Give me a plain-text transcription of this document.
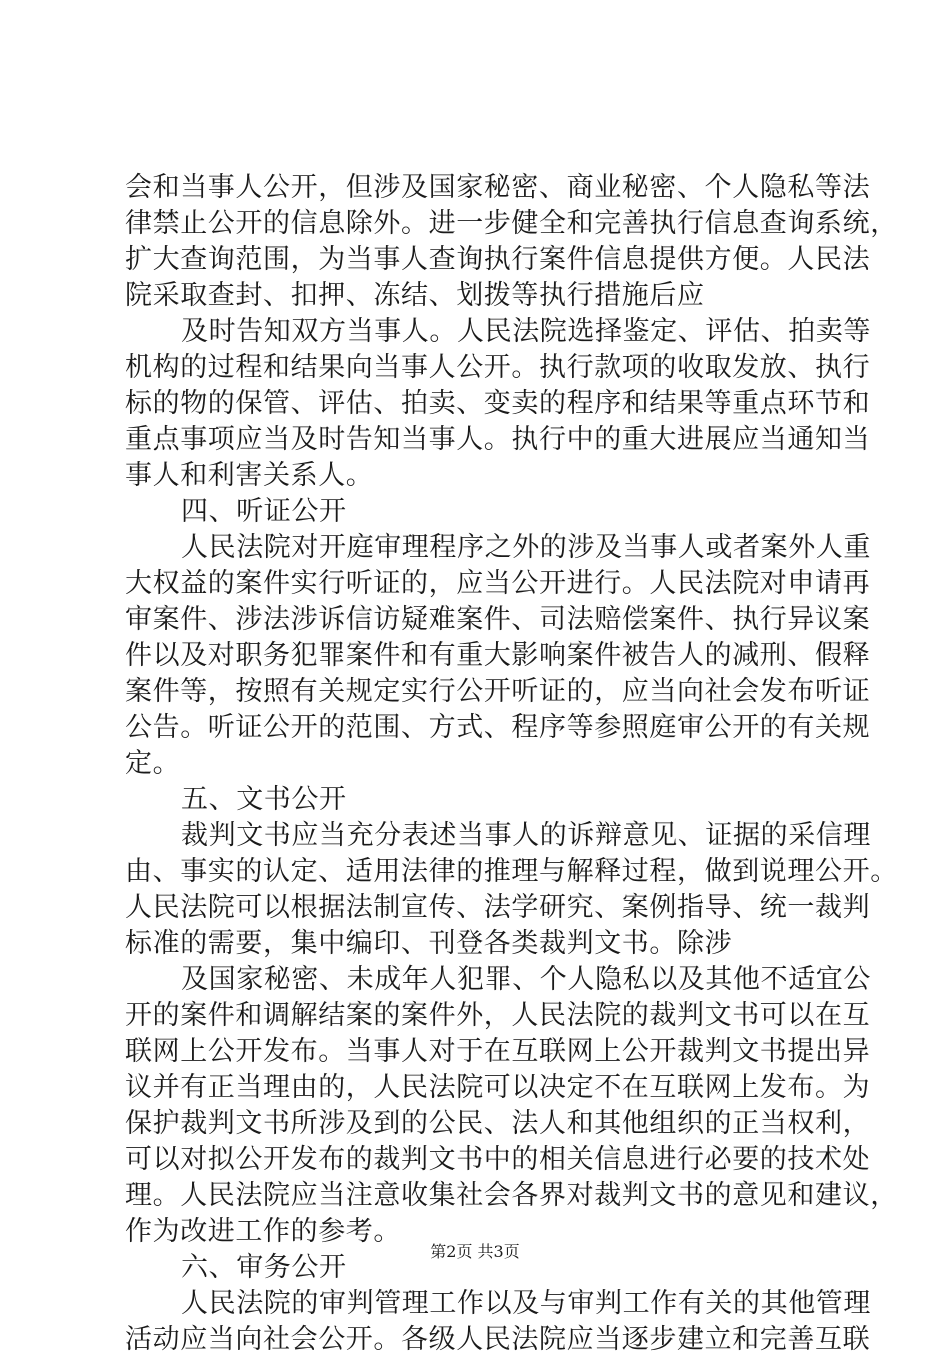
会和当事人公开，但涉及国家秘密、商业秘密、个人隐私等法
律禁止公开的信息除外。进一步健全和完善执行信息查询系统，
扩大查询范围，为当事人查询执行案件信息提供方便。人民法
院采取查封、扣押、冻结、划拨等执行措施后应
及时告知双方当事人。人民法院选择鉴定、评估、拍卖等
机构的过程和结果向当事人公开。执行款项的收取发放、执行
标的物的保管、评估、拍卖、变卖的程序和结果等重点环节和
重点事项应当及时告知当事人。执行中的重大进展应当通知当
事人和利害关系人。
四、听证公开
人民法院对开庭审理程序之外的涉及当事人或者案外人重
大权益的案件实行听证的，应当公开进行。人民法院对申请再
审案件、涉法涉诉信访疑难案件、司法赔偿案件、执行异议案
件以及对职务犯罪案件和有重大影响案件被告人的减刑、假释
案件等，按照有关规定实行公开听证的，应当向社会发布听证
公告。听证公开的范围、方式、程序等参照庭审公开的有关规
定。
五、文书公开
裁判文书应当充分表述当事人的诉辩意见、证据的采信理
由、事实的认定、适用法律的推理与解释过程，做到说理公开。
人民法院可以根据法制宣传、法学研究、案例指导、统一裁判
标准的需要，集中编印、刊登各类裁判文书。除涉
及国家秘密、未成年人犯罪、个人隐私以及其他不适宜公
开的案件和调解结案的案件外，人民法院的裁判文书可以在互
联网上公开发布。当事人对于在互联网上公开裁判文书提出异
议并有正当理由的，人民法院可以决定不在互联网上发布。为
保护裁判文书所涉及到的公民、法人和其他组织的正当权利，
可以对拟公开发布的裁判文书中的相关信息进行必要的技术处
理。人民法院应当注意收集社会各界对裁判文书的意见和建议，
作为改进工作的参考。
六、审务公开
人民法院的审判管理工作以及与审判工作有关的其他管理
活动应当向社会公开。各级人民法院应当逐步建立和完善互联
第2页 共3页
